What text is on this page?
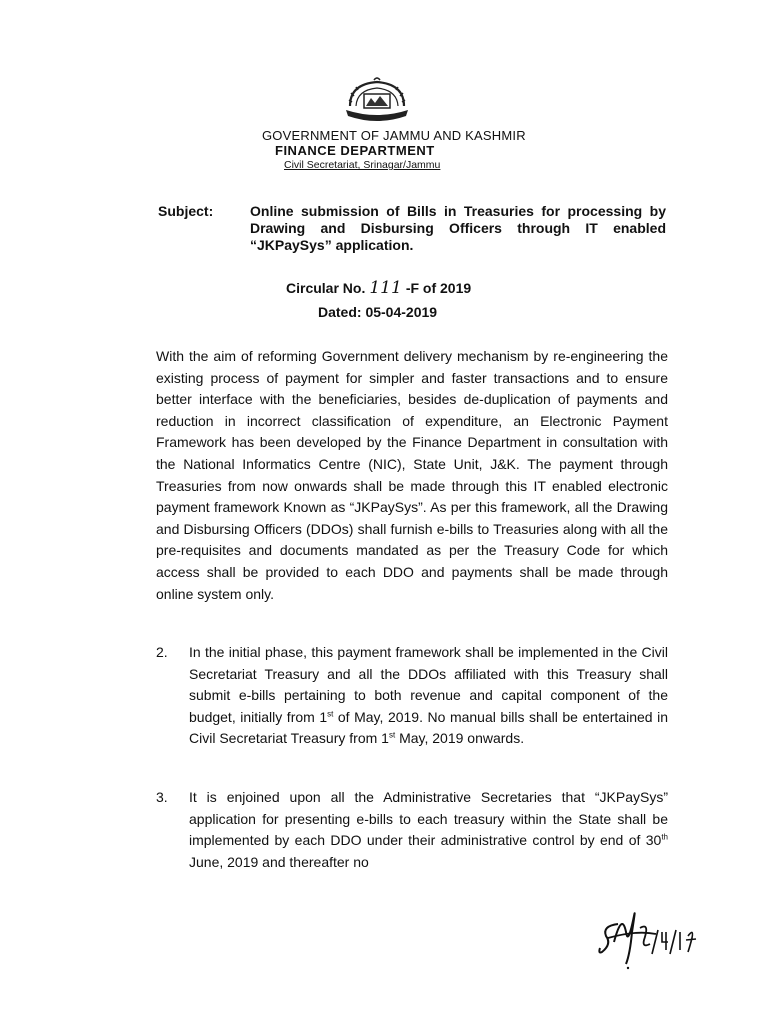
GOVERNMENT OF JAMMU AND KASHMIR
FINANCE DEPARTMENT
Civil Secretariat, Srinagar/Jammu
Subject:	Online submission of Bills in Treasuries for processing by Drawing and Disbursing Officers through IT enabled “JKPaySys” application.
Circular No. 111 -F of 2019
Dated: 05-04-2019
With the aim of reforming Government delivery mechanism by re-engineering the existing process of payment for simpler and faster transactions and to ensure better interface with the beneficiaries, besides de-duplication of payments and reduction in incorrect classification of expenditure, an Electronic Payment Framework has been developed by the Finance Department in consultation with the National Informatics Centre (NIC), State Unit, J&K. The payment through Treasuries from now onwards shall be made through this IT enabled electronic payment framework Known as “JKPaySys”. As per this framework, all the Drawing and Disbursing Officers (DDOs) shall furnish e-bills to Treasuries along with all the pre-requisites and documents mandated as per the Treasury Code for which access shall be provided to each DDO and payments shall be made through online system only.
2. In the initial phase, this payment framework shall be implemented in the Civil Secretariat Treasury and all the DDOs affiliated with this Treasury shall submit e-bills pertaining to both revenue and capital component of the budget, initially from 1st of May, 2019. No manual bills shall be entertained in Civil Secretariat Treasury from 1st May, 2019 onwards.
3. It is enjoined upon all the Administrative Secretaries that “JKPaySys” application for presenting e-bills to each treasury within the State shall be implemented by each DDO under their administrative control by end of 30th June, 2019 and thereafter no
